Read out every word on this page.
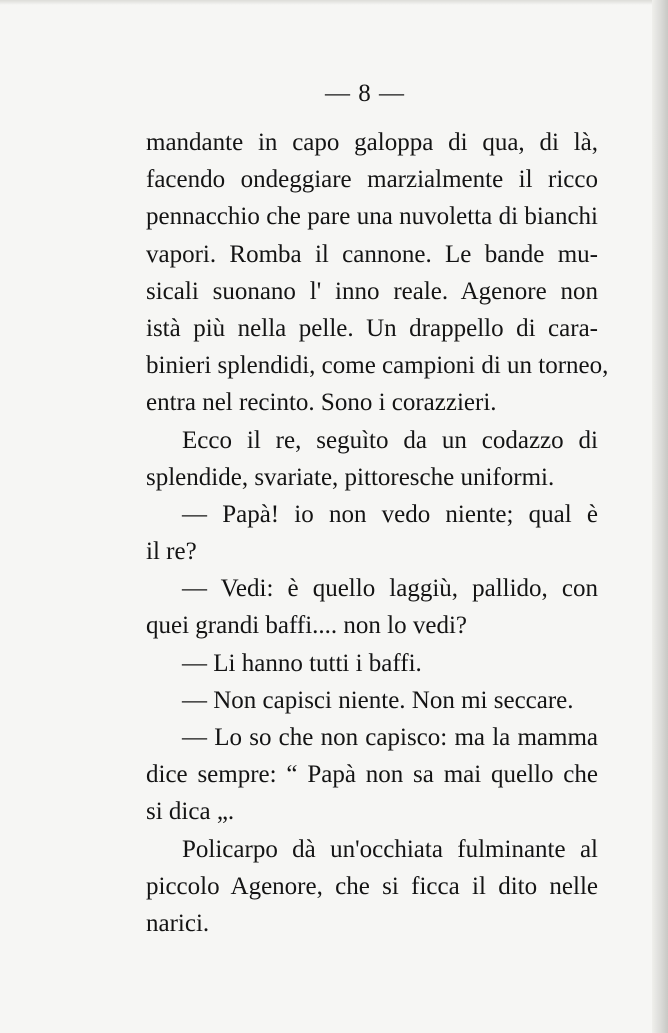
— 8 —
mandante in capo galoppa di qua, di là,
facendo ondeggiare marzialmente il ricco
pennacchio che pare una nuvoletta di bianchi
vapori. Romba il cannone. Le bande mu-
sicali suonano l' inno reale. Agenore non
istà più nella pelle. Un drappello di cara-
binieri splendidi, come campioni di un torneo,
entra nel recinto. Sono i corazzieri.
Ecco il re, seguìto da un codazzo di
splendide, svariate, pittoresche uniformi.
— Papà! io non vedo niente; qual è
il re?
— Vedi: è quello laggiù, pallido, con
quei grandi baffi.... non lo vedi?
— Li hanno tutti i baffi.
— Non capisci niente. Non mi seccare.
— Lo so che non capisco: ma la mamma
dice sempre: “ Papà non sa mai quello che
si dica „.
Policarpo dà un'occhiata fulminante al
piccolo Agenore, che si ficca il dito nelle
narici.
